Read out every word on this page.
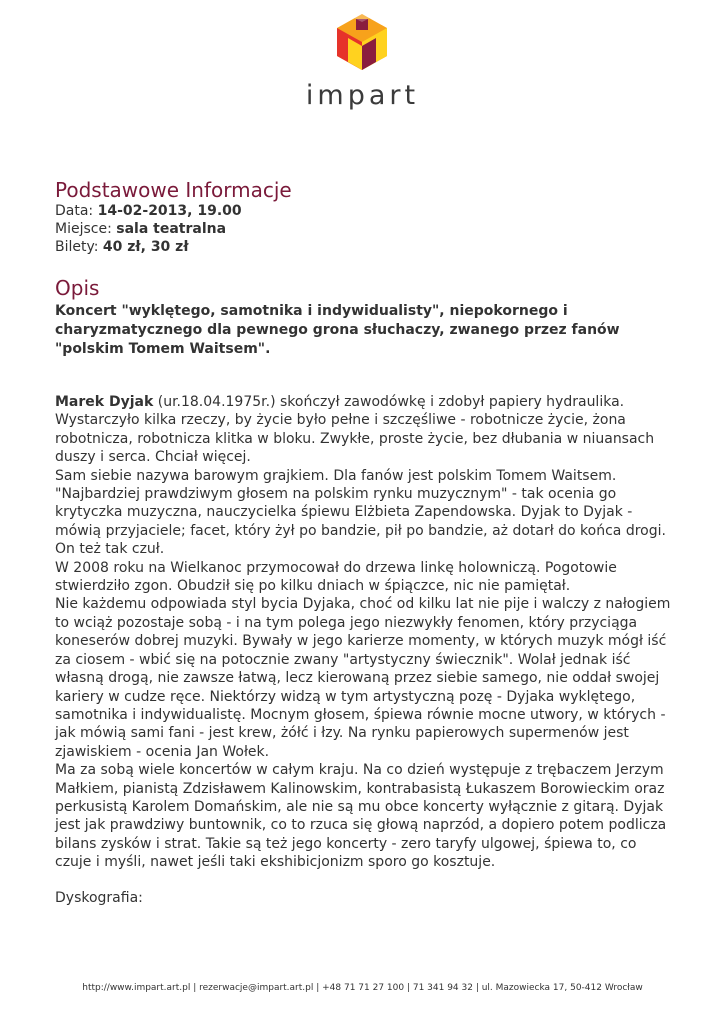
impart
Podstawowe Informacje
Data: 14-02-2013, 19.00
Miejsce: sala teatralna
Bilety: 40 zł, 30 zł
Opis
Koncert "wyklętego, samotnika i indywidualisty", niepokornego i charyzmatycznego dla pewnego grona słuchaczy, zwanego przez fanów "polskim Tomem Waitsem".

Marek Dyjak (ur.18.04.1975r.) skończył zawodówkę i zdobył papiery hydraulika. Wystarczyło kilka rzeczy, by życie było pełne i szczęśliwe - robotnicze życie, żona robotnicza, robotnicza klitka w bloku. Zwykłe, proste życie, bez dłubania w niuansach duszy i serca. Chciał więcej.

Sam siebie nazywa barowym grajkiem. Dla fanów jest polskim Tomem Waitsem. "Najbardziej prawdziwym głosem na polskim rynku muzycznym" - tak ocenia go krytyczka muzyczna, nauczycielka śpiewu Elżbieta Zapendowska. Dyjak to Dyjak - mówią przyjaciele; facet, który żył po bandzie, pił po bandzie, aż dotarł do końca drogi. On też tak czuł.

W 2008 roku na Wielkanoc przymocował do drzewa linkę holowniczą. Pogotowie stwierdziło zgon. Obudził się po kilku dniach w śpiączce, nic nie pamiętał.

Nie każdemu odpowiada styl bycia Dyjaka, choć od kilku lat nie pije i walczy z nałogiem to wciąż pozostaje sobą - i na tym polega jego niezwykły fenomen, który przyciąga koneserów dobrej muzyki. Bywały w jego karierze momenty, w których muzyk mógł iść za ciosem - wbić się na potocznie zwany "artystyczny świecznik". Wolał jednak iść własną drogą, nie zawsze łatwą, lecz kierowaną przez siebie samego, nie oddał swojej kariery w cudze ręce. Niektórzy widzą w tym artystyczną pozę - Dyjaka wyklętego, samotnika i indywidualistę. Mocnym głosem, śpiewa równie mocne utwory, w których - jak mówią sami fani - jest krew, żółć i łzy. Na rynku papierowych supermenów jest zjawiskiem - ocenia Jan Wołek.

Ma za sobą wiele koncertów w całym kraju. Na co dzień występuje z trębaczem Jerzym Małkiem, pianistą Zdzisławem Kalinowskim, kontrabasistą Łukaszem Borowieckim oraz perkusistą Karolem Domańskim, ale nie są mu obce koncerty wyłącznie z gitarą. Dyjak jest jak prawdziwy buntownik, co to rzuca się głową naprzód, a dopiero potem podlicza bilans zysków i strat. Takie są też jego koncerty - zero taryfy ulgowej, śpiewa to, co czuje i myśli, nawet jeśli taki ekshibicjonizm sporo go kosztuje.

Dyskografia:
http://www.impart.art.pl | rezerwacje@impart.art.pl | +48 71 71 27 100 | 71 341 94 32 | ul. Mazowiecka 17, 50-412 Wrocław
